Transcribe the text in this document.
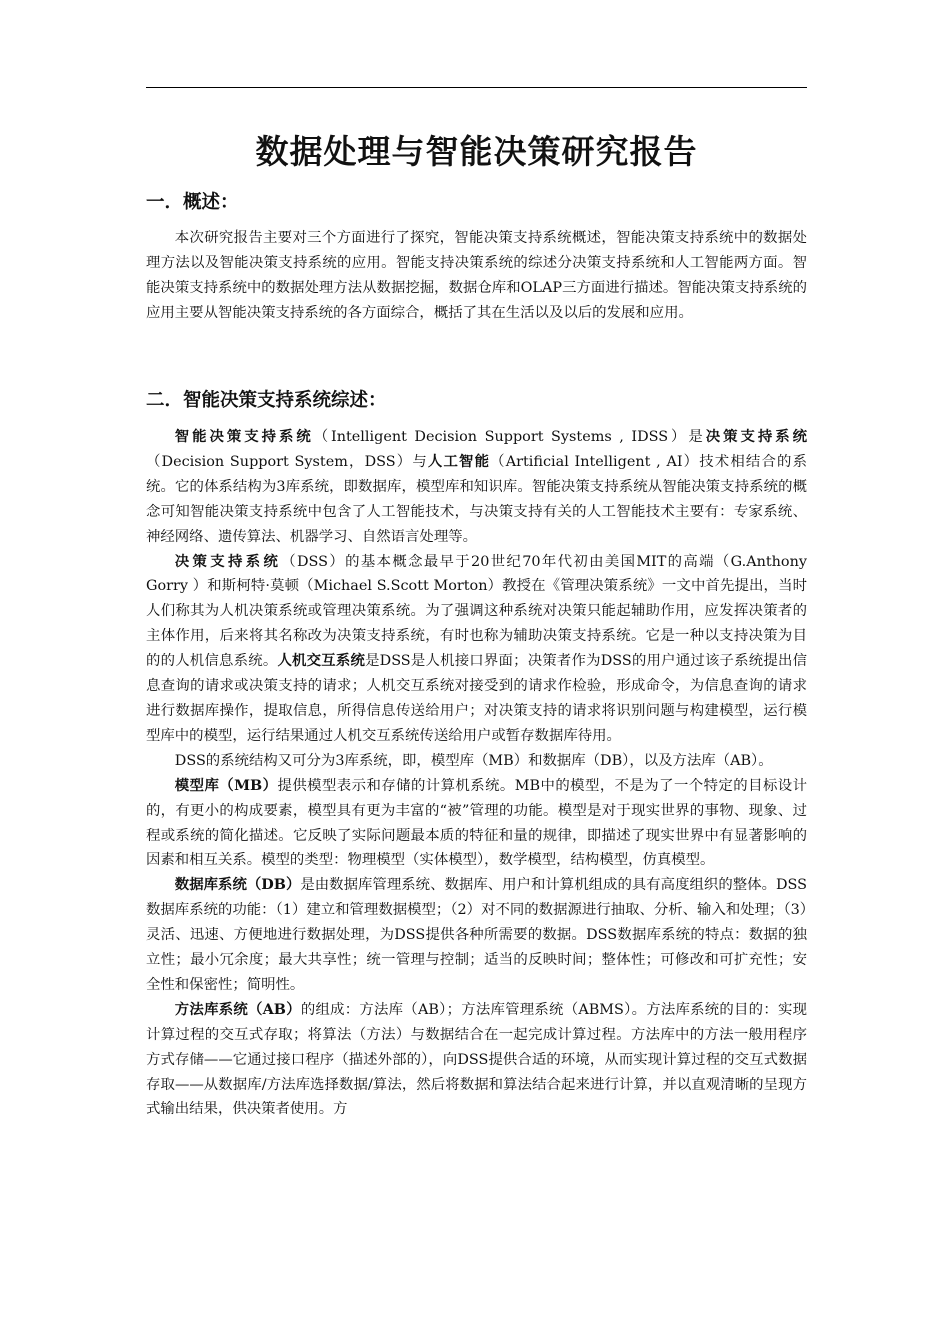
数据处理与智能决策研究报告
一．概述：

本次研究报告主要对三个方面进行了探究，智能决策支持系统概述，智能决策支持系统中的数据处理方法以及智能决策支持系统的应用。智能支持决策系统的综述分决策支持系统和人工智能两方面。智能决策支持系统中的数据处理方法从数据挖掘，数据仓库和OLAP三方面进行描述。智能决策支持系统的应用主要从智能决策支持系统的各方面综合，概括了其在生活以及以后的发展和应用。

二．智能决策支持系统综述：

智能决策支持系统（Intelligent Decision Support Systems , IDSS）是决策支持系统（Decision Support System，DSS）与人工智能（Artificial Intelligent , AI）技术相结合的系统。它的体系结构为3库系统，即数据库，模型库和知识库。智能决策支持系统从智能决策支持系统的概念可知智能决策支持系统中包含了人工智能技术，与决策支持有关的人工智能技术主要有：专家系统、神经网络、遗传算法、机器学习、自然语言处理等。

决策支持系统（DSS）的基本概念最早于20世纪70年代初由美国MIT的高端（G.Anthony Gorry ）和斯柯特·莫顿（Michael S.Scott Morton）教授在《管理决策系统》一文中首先提出，当时人们称其为人机决策系统或管理决策系统。为了强调这种系统对决策只能起辅助作用，应发挥决策者的主体作用，后来将其名称改为决策支持系统，有时也称为辅助决策支持系统。它是一种以支持决策为目的的人机信息系统。人机交互系统是DSS是人机接口界面；决策者作为DSS的用户通过该子系统提出信息查询的请求或决策支持的请求；人机交互系统对接受到的请求作检验，形成命令，为信息查询的请求进行数据库操作，提取信息，所得信息传送给用户；对决策支持的请求将识别问题与构建模型，运行模型库中的模型，运行结果通过人机交互系统传送给用户或暂存数据库待用。

DSS的系统结构又可分为3库系统，即，模型库（MB）和数据库（DB），以及方法库（AB）。

模型库（MB）提供模型表示和存储的计算机系统。MB中的模型，不是为了一个特定的目标设计的，有更小的构成要素，模型具有更为丰富的“被”管理的功能。模型是对于现实世界的事物、现象、过程或系统的简化描述。它反映了实际问题最本质的特征和量的规律，即描述了现实世界中有显著影响的因素和相互关系。模型的类型：物理模型（实体模型），数学模型，结构模型，仿真模型。

数据库系统（DB）是由数据库管理系统、数据库、用户和计算机组成的具有高度组织的整体。DSS数据库系统的功能：（1）建立和管理数据模型；（2）对不同的数据源进行抽取、分析、输入和处理；（3）灵活、迅速、方便地进行数据处理，为DSS提供各种所需要的数据。DSS数据库系统的特点：数据的独立性；最小冗余度；最大共享性；统一管理与控制；适当的反映时间；整体性；可修改和可扩充性；安全性和保密性；简明性。

方法库系统（AB）的组成：方法库（AB）；方法库管理系统（ABMS）。方法库系统的目的：实现计算过程的交互式存取；将算法（方法）与数据结合在一起完成计算过程。方法库中的方法一般用程序方式存储——它通过接口程序（描述外部的），向DSS提供合适的环境，从而实现计算过程的交互式数据存取——从数据库/方法库选择数据/算法，然后将数据和算法结合起来进行计算，并以直观清晰的呈现方式输出结果，供决策者使用。方
